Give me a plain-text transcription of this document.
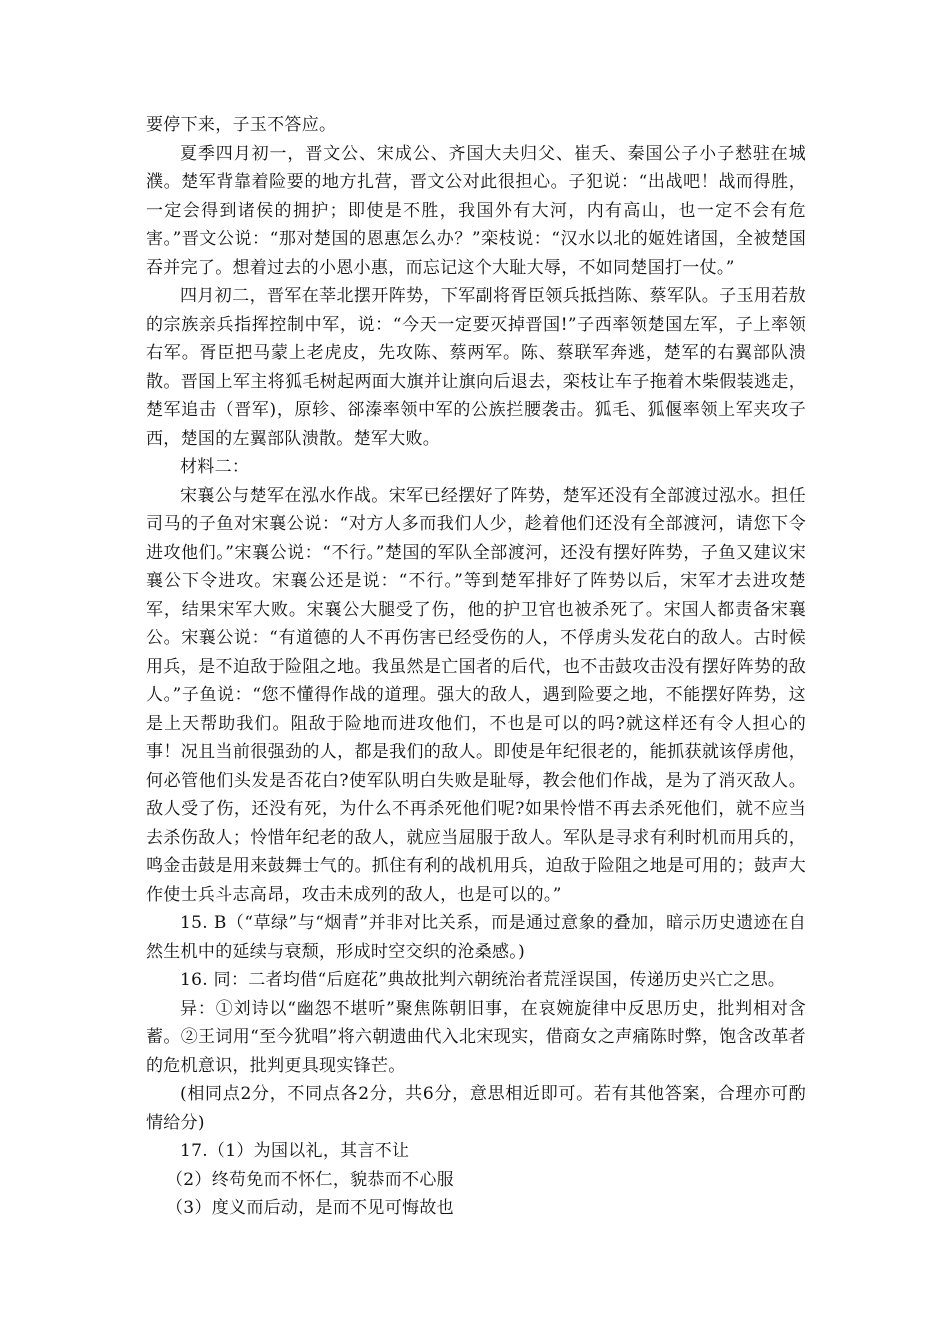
要停下来，子玉不答应。

夏季四月初一，晋文公、宋成公、齐国大夫归父、崔夭、秦国公子小子慭驻在城濮。楚军背靠着险要的地方扎营，晋文公对此很担心。子犯说：“出战吧！战而得胜，一定会得到诸侯的拥护；即使是不胜，我国外有大河，内有高山，也一定不会有危害。”晋文公说：“那对楚国的恩惠怎么办？”栾枝说：“汉水以北的姬姓诸国，全被楚国吞并完了。想着过去的小恩小惠，而忘记这个大耻大辱，不如同楚国打一仗。”

四月初二，晋军在莘北摆开阵势，下军副将胥臣领兵抵挡陈、蔡军队。子玉用若敖的宗族亲兵指挥控制中军，说：“今天一定要灭掉晋国!”子西率领楚国左军，子上率领右军。胥臣把马蒙上老虎皮，先攻陈、蔡两军。陈、蔡联军奔逃，楚军的右翼部队溃散。晋国上军主将狐毛树起两面大旗并让旗向后退去，栾枝让车子拖着木柴假装逃走，楚军追击（晋军)，原轸、郤溱率领中军的公族拦腰袭击。狐毛、狐偃率领上军夹攻子西，楚国的左翼部队溃散。楚军大败。

材料二：

宋襄公与楚军在泓水作战。宋军已经摆好了阵势，楚军还没有全部渡过泓水。担任司马的子鱼对宋襄公说：“对方人多而我们人少，趁着他们还没有全部渡河，请您下令进攻他们。”宋襄公说：“不行。”楚国的军队全部渡河，还没有摆好阵势，子鱼又建议宋襄公下令进攻。宋襄公还是说：“不行。”等到楚军排好了阵势以后，宋军才去进攻楚军，结果宋军大败。宋襄公大腿受了伤，他的护卫官也被杀死了。宋国人都责备宋襄公。宋襄公说：“有道德的人不再伤害已经受伤的人，不俘虏头发花白的敌人。古时候用兵，是不迫敌于险阻之地。我虽然是亡国者的后代，也不击鼓攻击没有摆好阵势的敌人。”子鱼说：“您不懂得作战的道理。强大的敌人，遇到险要之地，不能摆好阵势，这是上天帮助我们。阻敌于险地而进攻他们，不也是可以的吗?就这样还有令人担心的事！况且当前很强劲的人，都是我们的敌人。即使是年纪很老的，能抓获就该俘虏他，何必管他们头发是否花白?使军队明白失败是耻辱，教会他们作战，是为了消灭敌人。敌人受了伤，还没有死，为什么不再杀死他们呢?如果怜惜不再去杀死他们，就不应当去杀伤敌人；怜惜年纪老的敌人，就应当屈服于敌人。军队是寻求有利时机而用兵的，鸣金击鼓是用来鼓舞士气的。抓住有利的战机用兵，迫敌于险阻之地是可用的；鼓声大作使士兵斗志高昂，攻击未成列的敌人，也是可以的。”

15. B（“草绿”与“烟青”并非对比关系，而是通过意象的叠加，暗示历史遗迹在自然生机中的延续与衰颓，形成时空交织的沧桑感。)

16. 同：二者均借“后庭花”典故批判六朝统治者荒淫误国，传递历史兴亡之思。

异：①刘诗以“幽怨不堪听”聚焦陈朝旧事，在哀婉旋律中反思历史，批判相对含蓄。②王词用“至今犹唱”将六朝遗曲代入北宋现实，借商女之声痛陈时弊，饱含改革者的危机意识，批判更具现实锋芒。

(相同点2分，不同点各2分，共6分，意思相近即可。若有其他答案，合理亦可酌情给分)

17.（1）为国以礼，其言不让

（2）终苟免而不怀仁，貌恭而不心服

（3）度义而后动，是而不见可悔故也
